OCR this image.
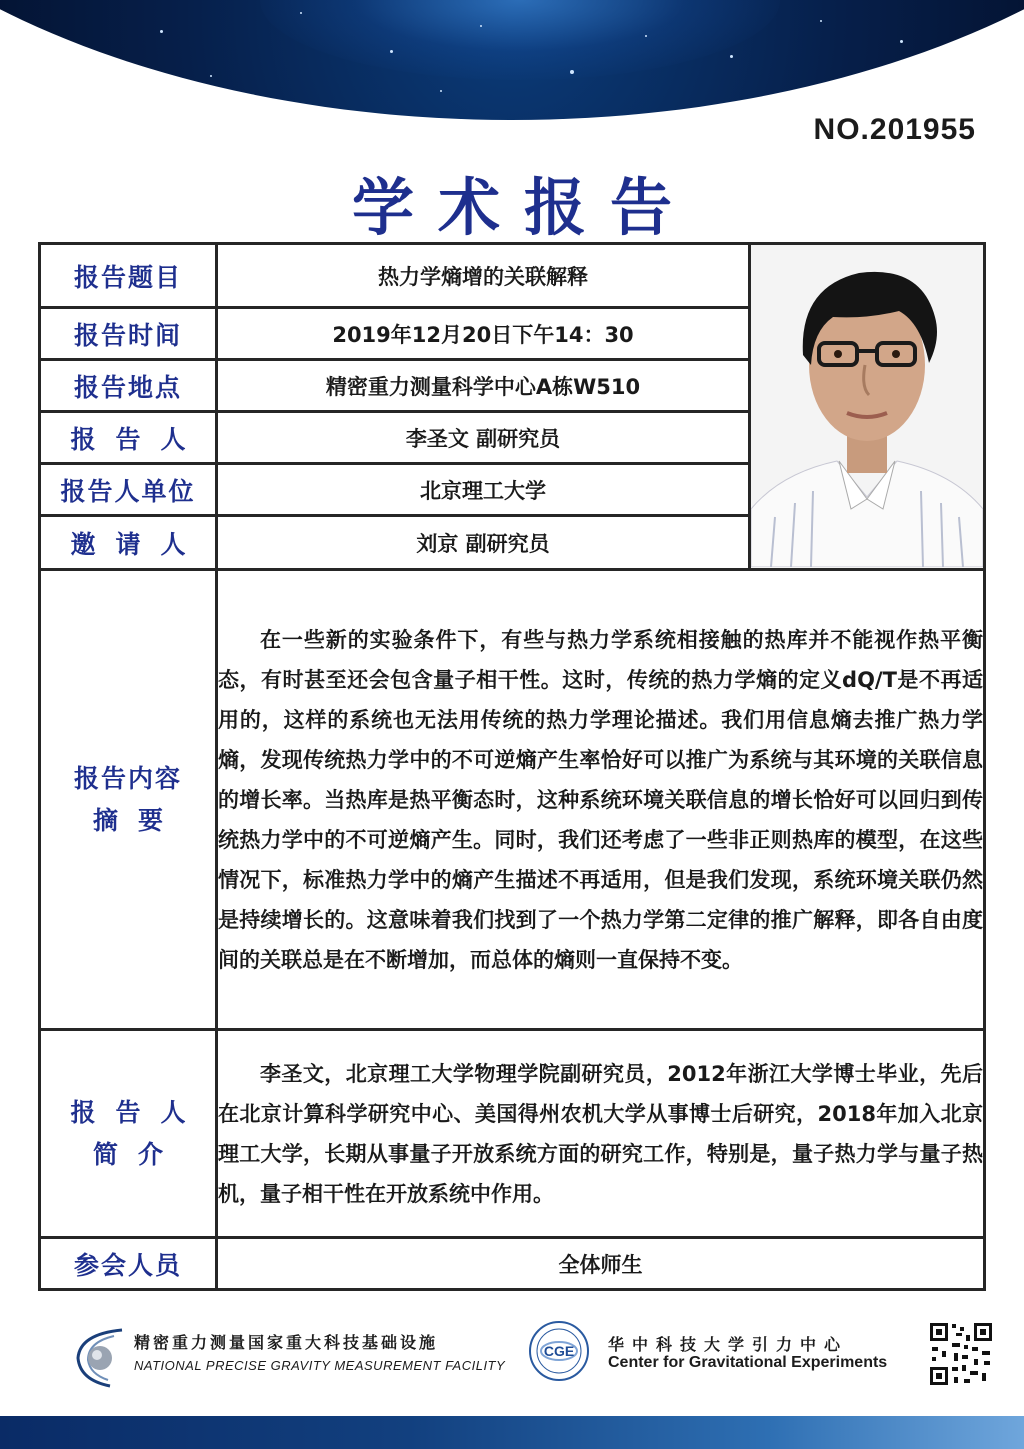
NO.201955
学术报告
报告题目	热力学熵增的关联解释	

报告时间	2019年12月20日下午14：30	
报告地点	精密重力测量科学中心A栋W510	
报告人	李圣文 副研究员	
报告人单位	北京理工大学	
邀请人	刘京 副研究员	

报告内容
摘要	在一些新的实验条件下，有些与热力学系统相接触的热库并不能视作热平衡态，有时甚至还会包含量子相干性。这时，传统的热力学熵的定义dQ/T是不再适用的，这样的系统也无法用传统的热力学理论描述。我们用信息熵去推广热力学熵，发现传统热力学中的不可逆熵产生率恰好可以推广为系统与其环境的关联信息的增长率。当热库是热平衡态时，这种系统环境关联信息的增长恰好可以回归到传统热力学中的不可逆熵产生。同时，我们还考虑了一些非正则热库的模型，在这些情况下，标准热力学中的熵产生描述不再适用，但是我们发现，系统环境关联仍然是持续增长的。这意味着我们找到了一个热力学第二定律的推广解释，即各自由度间的关联总是在不断增加，而总体的熵则一直保持不变。	

报告人
简介	李圣文，北京理工大学物理学院副研究员，2012年浙江大学博士毕业，先后在北京计算科学研究中心、美国得州农机大学从事博士后研究，2018年加入北京理工大学，长期从事量子开放系统方面的研究工作，特别是，量子热力学与量子热机，量子相干性在开放系统中作用。	

参会人员	全体师生	
精密重力测量国家重大科技基础设施
NATIONAL PRECISE GRAVITY MEASUREMENT FACILITY
CGE 华中科技大学引力中心
Center for Gravitational Experiments
